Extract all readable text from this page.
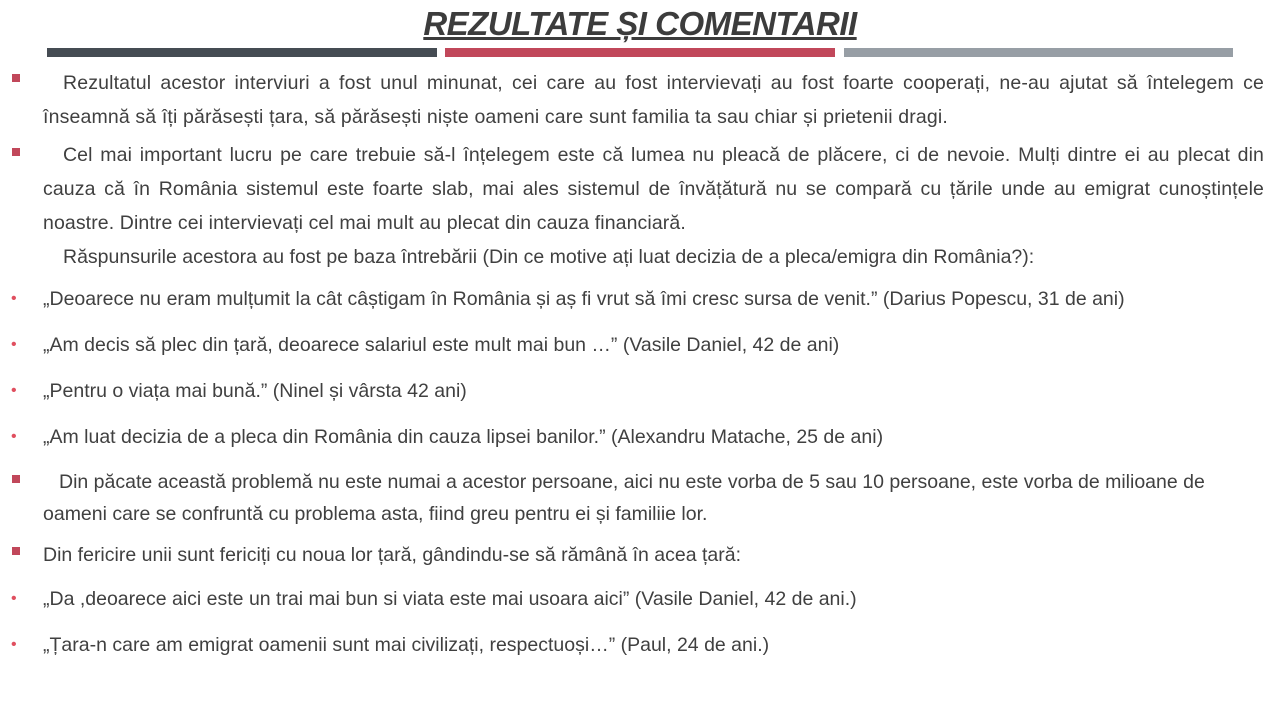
REZULTATE ȘI COMENTARII
Rezultatul acestor interviuri a fost unul minunat, cei care au fost intervievați au fost foarte cooperați, ne-au ajutat să întelegem ce înseamnă să îți părăsești țara, să părăsești niște oameni care sunt familia ta sau chiar și prietenii dragi.
Cel mai important lucru pe care trebuie să-l înțelegem este că lumea nu pleacă de plăcere, ci de nevoie. Mulți dintre ei au plecat din cauza că în România sistemul este foarte slab, mai ales sistemul de învățătură nu se compară cu țările unde au emigrat cunoștințele noastre. Dintre cei intervievați cel mai mult au plecat din cauza financiară.
Răspunsurile acestora au fost pe baza întrebării (Din ce motive ați luat decizia de a pleca/emigra din România?):
• „Deoarece nu eram mulțumit la cât câștigam în România și aș fi vrut să îmi cresc sursa de venit.” (Darius Popescu, 31 de ani)
• „Am decis să plec din țară, deoarece salariul este mult mai bun …” (Vasile Daniel, 42 de ani)
• „Pentru o viața mai bună.” (Ninel și vârsta 42 ani)
• „Am luat decizia de a pleca din România din cauza lipsei banilor.” (Alexandru Matache, 25 de ani)
Din păcate această problemă nu este numai a acestor persoane, aici nu este vorba de 5 sau 10 persoane, este vorba de milioane de oameni care se confruntă cu problema asta, fiind greu pentru ei și familiie lor.
Din fericire unii sunt fericiți cu noua lor țară, gândindu-se să rămână în acea țară:
• „Da ,deoarece aici este un trai mai bun si viata este mai usoara aici” (Vasile Daniel, 42 de ani.)
• „Țara-n care am emigrat oamenii sunt mai civilizați, respectuoși…” (Paul, 24 de ani.)
